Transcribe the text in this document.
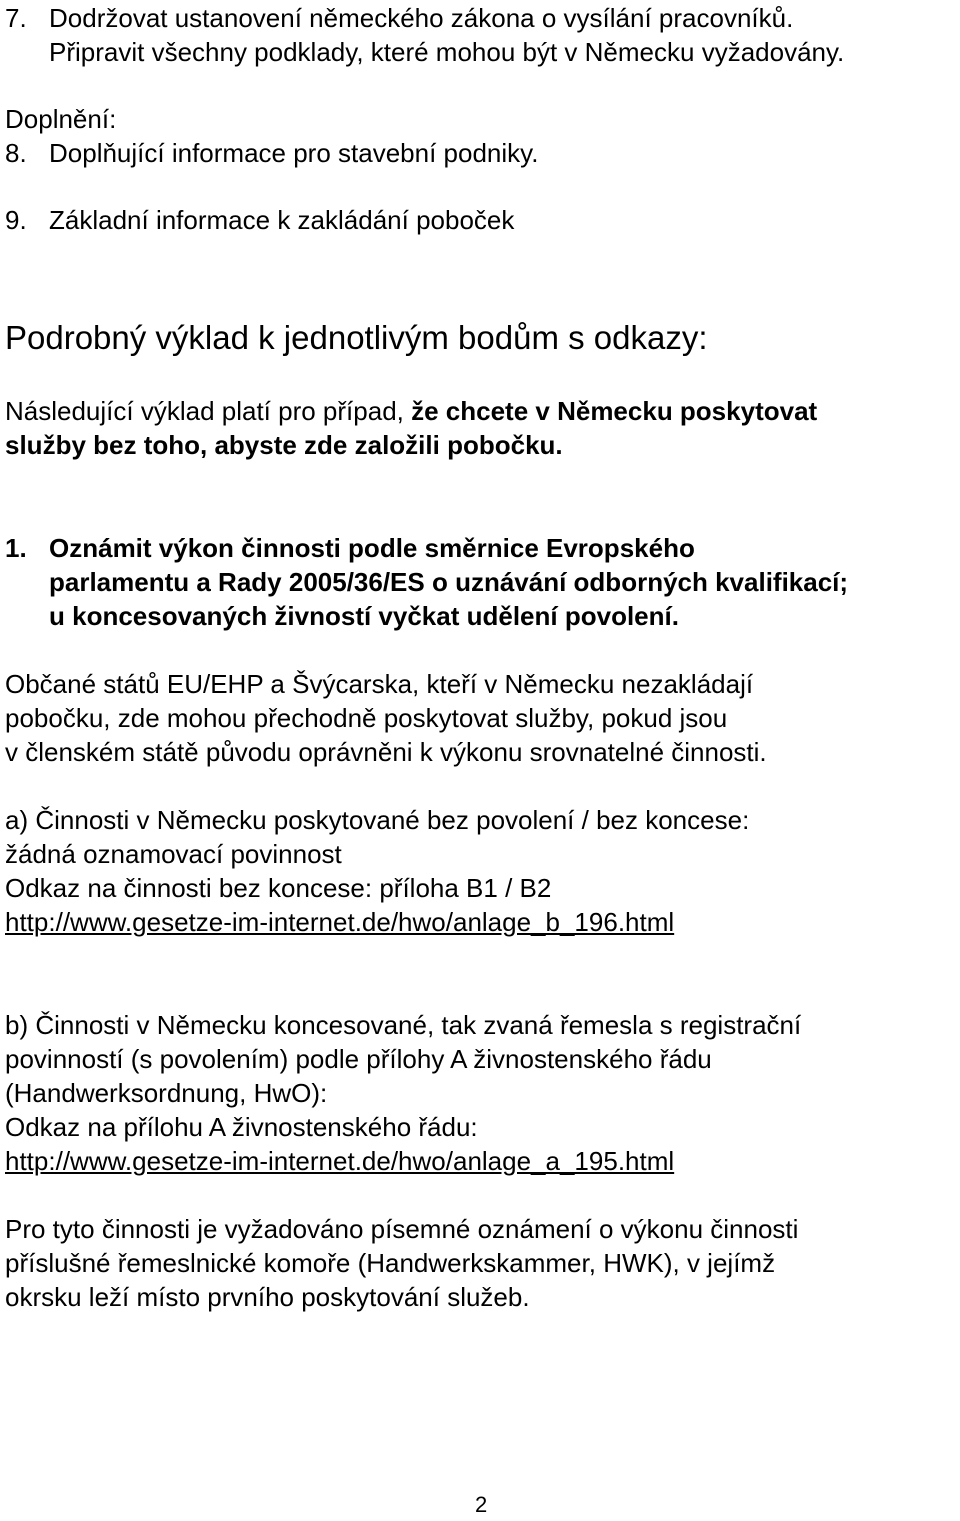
7. Dodržovat ustanovení německého zákona o vysílání pracovníků.
Připravit všechny podklady, které mohou být v Německu vyžadovány.
Doplnění:
8. Doplňující informace pro stavební podniky.
9. Základní informace k zakládání poboček
Podrobný výklad k jednotlivým bodům s odkazy:
Následující výklad platí pro případ, že chcete v Německu poskytovat
služby bez toho, abyste zde založili pobočku.
1. Oznámit výkon činnosti podle směrnice Evropského
parlamentu a Rady 2005/36/ES o uznávání odborných kvalifikací;
u koncesovaných živností vyčkat udělení povolení.
Občané států EU/EHP a Švýcarska, kteří v Německu nezakládají
pobočku, zde mohou přechodně poskytovat služby, pokud jsou
v členském státě původu oprávněni k výkonu srovnatelné činnosti.
a) Činnosti v Německu poskytované bez povolení / bez koncese:
žádná oznamovací povinnost
Odkaz na činnosti bez koncese: příloha B1 / B2
http://www.gesetze-im-internet.de/hwo/anlage_b_196.html
b) Činnosti v Německu koncesované, tak zvaná řemesla s registrační
povinností (s povolením) podle přílohy A živnostenského řádu
(Handwerksordnung, HwO):
Odkaz na přílohu A živnostenského řádu:
http://www.gesetze-im-internet.de/hwo/anlage_a_195.html
Pro tyto činnosti je vyžadováno písemné oznámení o výkonu činnosti
příslušné řemeslnické komoře (Handwerkskammer, HWK), v jejímž
okrsku leží místo prvního poskytování služeb.
2
